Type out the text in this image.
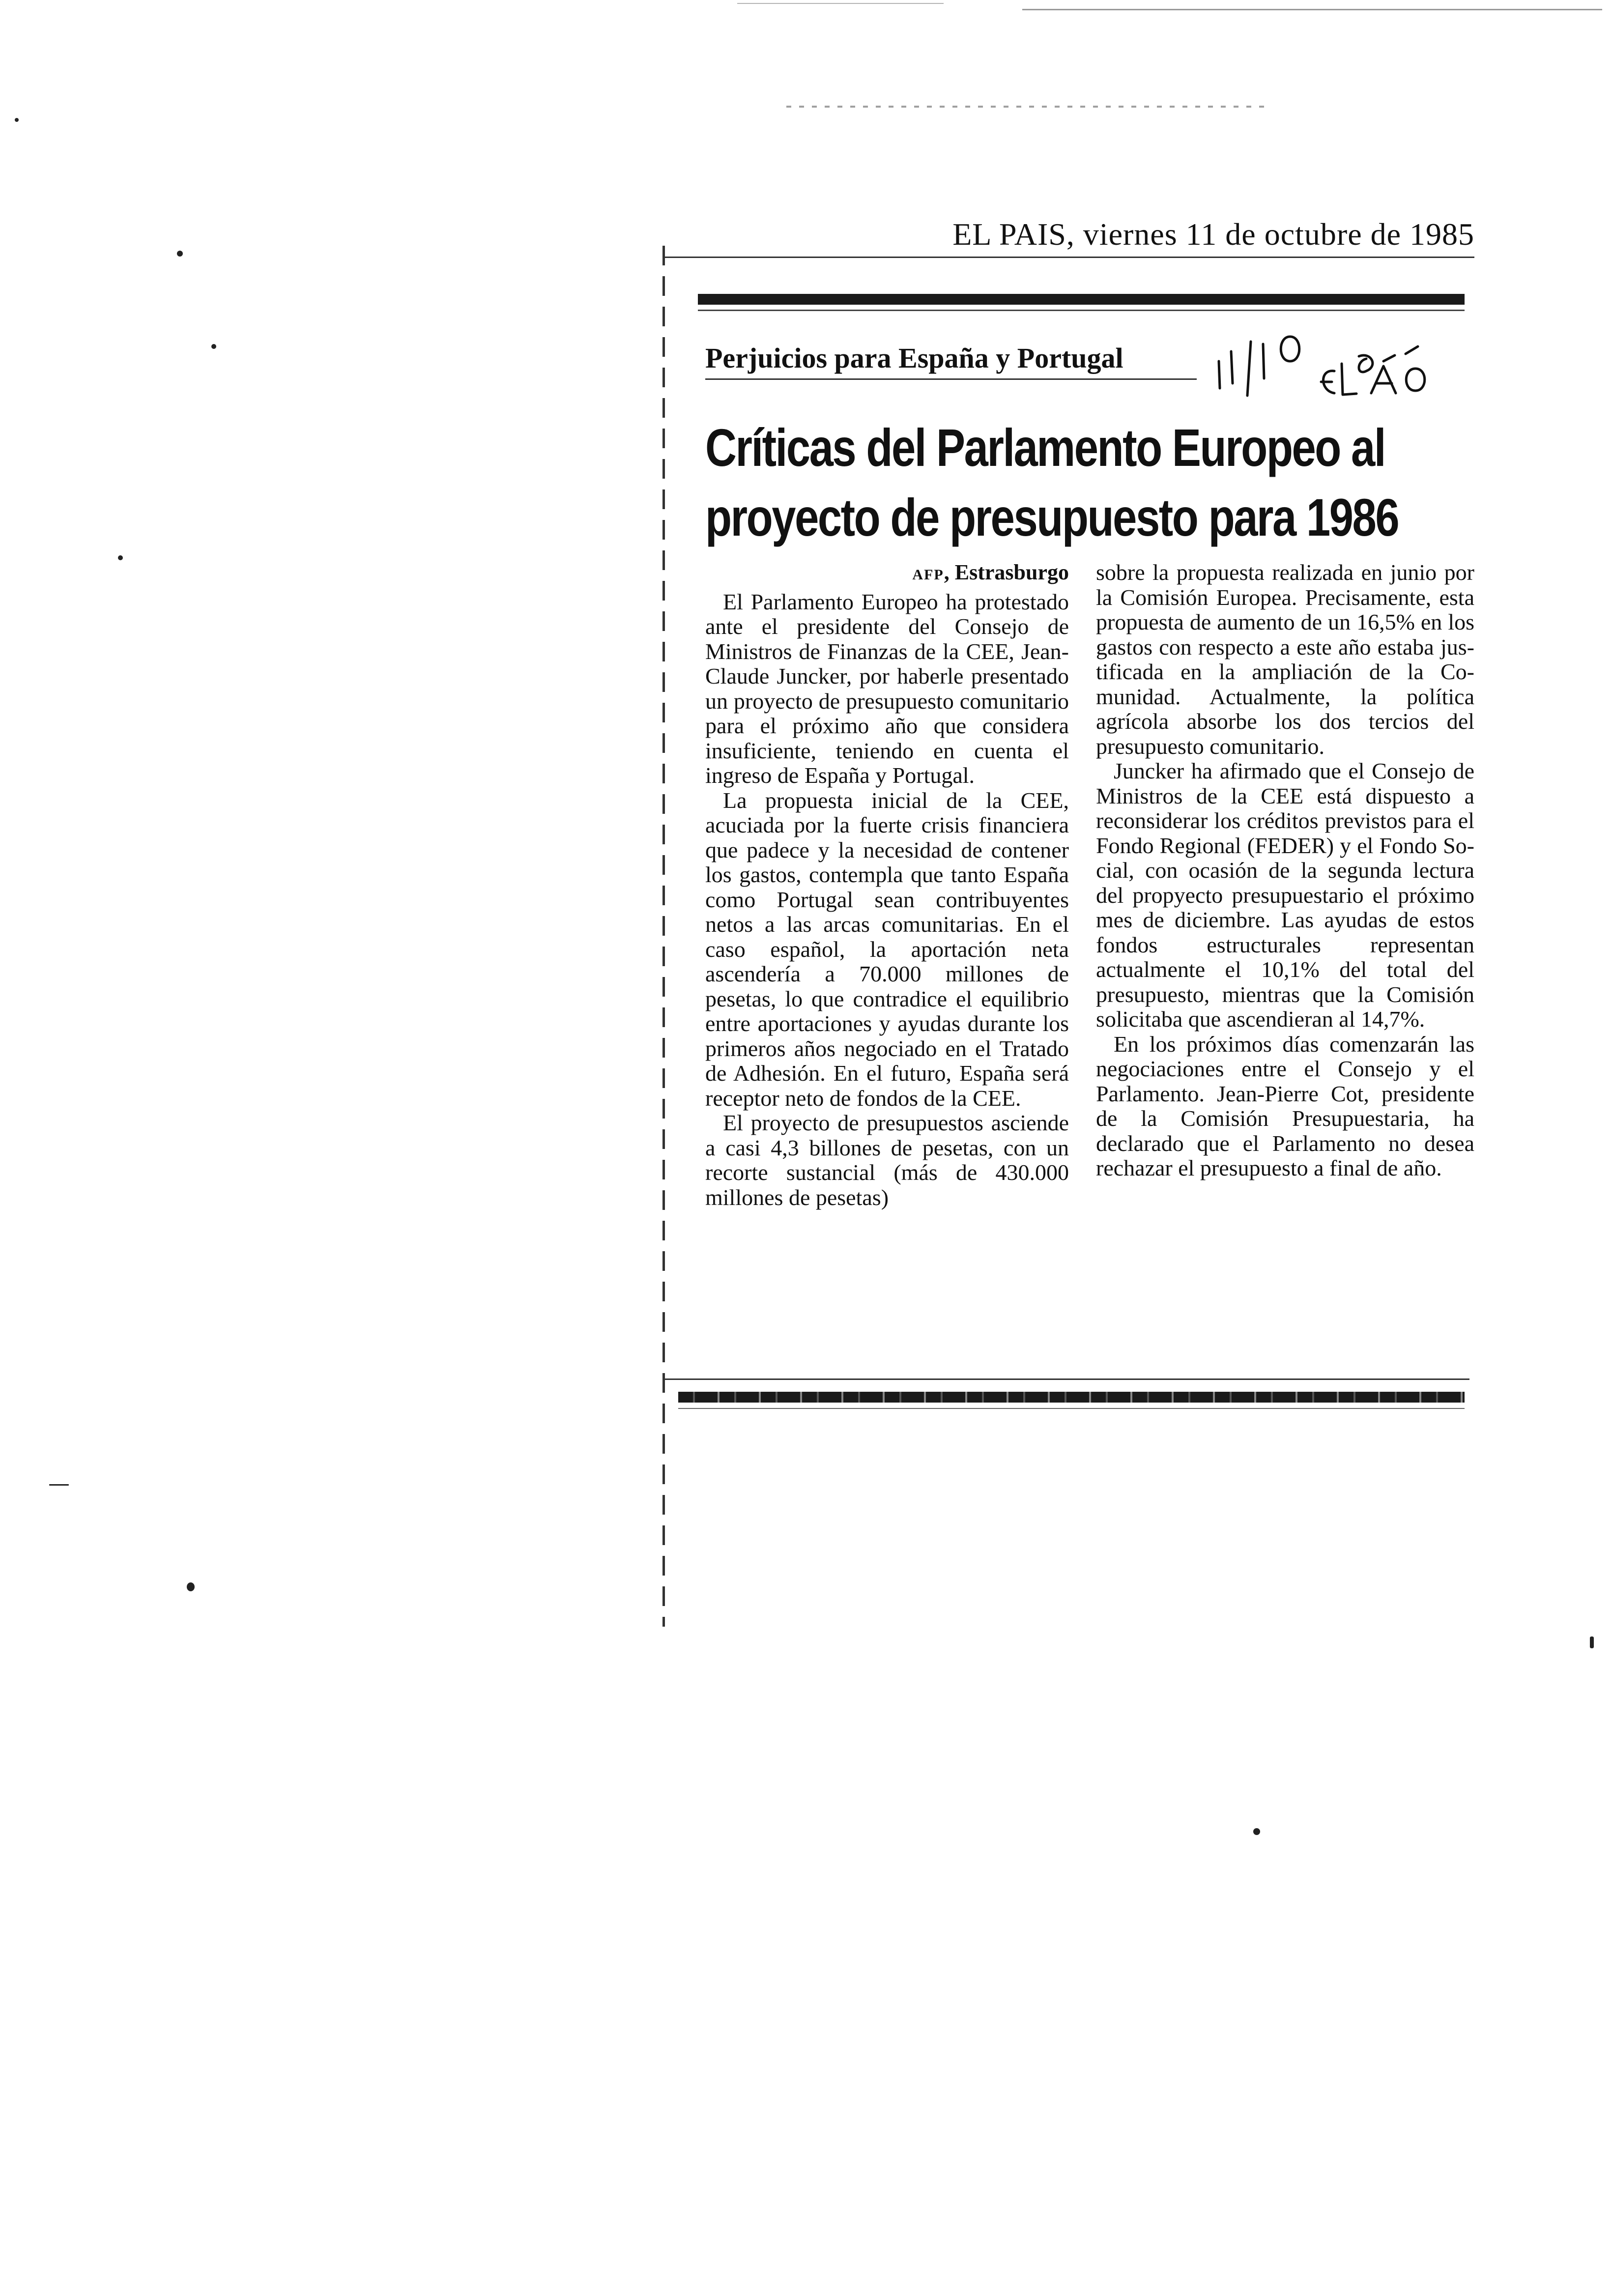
EL PAIS, viernes 11 de octubre de 1985
Perjuicios para España y Portugal
Críticas del Parlamento Europeo al
proyecto de presupuesto para 1986

AFP, Estrasburgo

El Parlamento Europeo ha protestado ante el presidente del Consejo de Ministros de Finanzas de la CEE, Jean-Claude Juncker, por haberle presentado un proyecto de presupuesto comunitario para el próximo año que considera insuficiente, teniendo en cuenta el ingreso de España y Portugal.

La propuesta inicial de la CEE, acuciada por la fuerte crisis financiera que padece y la necesidad de contener los gastos, contempla que tanto España como Portugal sean contribuyentes netos a las arcas comunitarias. En el caso español, la aportación neta ascendería a 70.000 millones de pesetas, lo que contradice el equilibrio entre aportaciones y ayudas durante los primeros años negociado en el Tratado de Adhesión. En el futuro, España será receptor neto de fondos de la CEE.

El proyecto de presupuestos asciende a casi 4,3 billones de pesetas, con un recorte sustancial (más de 430.000 millones de pesetas)

sobre la propuesta realizada en junio por la Comisión Europea. Precisamente, esta propuesta de aumento de un 16,5% en los gastos con respecto a este año estaba justificada en la ampliación de la Comunidad. Actualmente, la política agrícola absorbe los dos tercios del presupuesto comunitario.

Juncker ha afirmado que el Consejo de Ministros de la CEE está dispuesto a reconsiderar los créditos previstos para el Fondo Regional (FEDER) y el Fondo Social, con ocasión de la segunda lectura del propyecto presupuestario el próximo mes de diciembre. Las ayudas de estos fondos estructurales representan actualmente el 10,1% del total del presupuesto, mientras que la Comisión solicitaba que ascendieran al 14,7%.

En los próximos días comenzarán las negociaciones entre el Consejo y el Parlamento. Jean-Pierre Cot, presidente de la Comisión Presupuestaria, ha declarado que el Parlamento no desea rechazar el presupuesto a final de año.
